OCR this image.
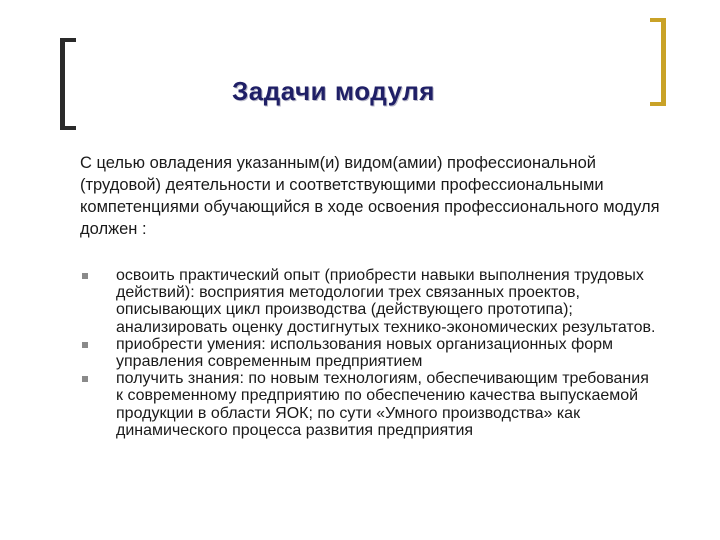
Задачи модуля

С целью овладения указанным(и) видом(амии) профессиональной (трудовой) деятельности и соответствующими профессиональными компетенциями обучающийся в ходе освоения профессионального модуля должен :

освоить практический опыт (приобрести навыки выполнения трудовых действий): восприятия методологии трех связанных проектов, описывающих цикл производства (действующего прототипа); анализировать оценку достигнутых технико-экономических результатов.
приобрести умения: использования новых организационных форм управления современным предприятием
получить знания: по новым технологиям, обеспечивающим требования к современному предприятию по обеспечению качества выпускаемой продукции в области ЯОК; по сути «Умного производства» как динамического процесса развития предприятия
